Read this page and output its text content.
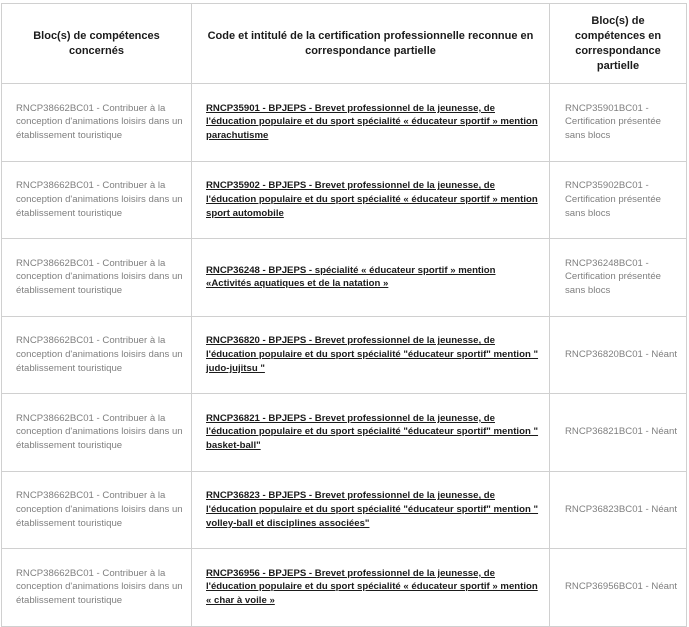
Bloc(s) de compétences concernés	Code et intitulé de la certification professionnelle reconnue en correspondance partielle	Bloc(s) de compétences en correspondance partielle
RNCP38662BC01 - Contribuer à la conception d'animations loisirs dans un établissement touristique	RNCP35901 - BPJEPS - Brevet professionnel de la jeunesse, de l'éducation populaire et du sport spécialité « éducateur sportif » mention parachutisme	RNCP35901BC01 - Certification présentée sans blocs
RNCP38662BC01 - Contribuer à la conception d'animations loisirs dans un établissement touristique	RNCP35902 - BPJEPS - Brevet professionnel de la jeunesse, de l'éducation populaire et du sport spécialité « éducateur sportif » mention sport automobile	RNCP35902BC01 - Certification présentée sans blocs
RNCP38662BC01 - Contribuer à la conception d'animations loisirs dans un établissement touristique	RNCP36248 - BPJEPS - spécialité « éducateur sportif » mention «Activités aquatiques et de la natation »	RNCP36248BC01 - Certification présentée sans blocs
RNCP38662BC01 - Contribuer à la conception d'animations loisirs dans un établissement touristique	RNCP36820 - BPJEPS - Brevet professionnel de la jeunesse, de l'éducation populaire et du sport spécialité "éducateur sportif" mention " judo-jujitsu "	RNCP36820BC01 - Néant
RNCP38662BC01 - Contribuer à la conception d'animations loisirs dans un établissement touristique	RNCP36821 - BPJEPS - Brevet professionnel de la jeunesse, de l'éducation populaire et du sport spécialité "éducateur sportif" mention " basket-ball"	RNCP36821BC01 - Néant
RNCP38662BC01 - Contribuer à la conception d'animations loisirs dans un établissement touristique	RNCP36823 - BPJEPS - Brevet professionnel de la jeunesse, de l'éducation populaire et du sport spécialité "éducateur sportif" mention " volley-ball et disciplines associées"	RNCP36823BC01 - Néant
RNCP38662BC01 - Contribuer à la conception d'animations loisirs dans un établissement touristique	RNCP36956 - BPJEPS - Brevet professionnel de la jeunesse, de l'éducation populaire et du sport spécialité « éducateur sportif » mention « char à voile »	RNCP36956BC01 - Néant
